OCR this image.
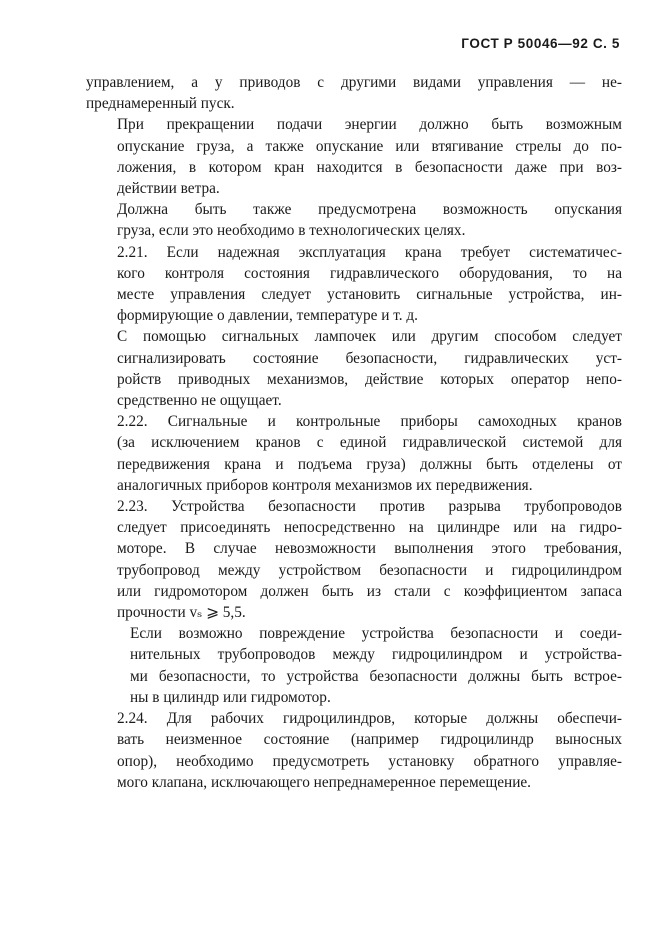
ГОСТ Р 50046—92 С. 5

управлением, а у приводов с другими видами управления — не-
преднамеренный пуск.

При прекращении подачи энергии должно быть возможным
опускание груза, а также опускание или втягивание стрелы до по-
ложения, в котором кран находится в безопасности даже при воз-
действии ветра.

Должна быть также предусмотрена возможность опускания
груза, если это необходимо в технологических целях.

2.21. Если надежная эксплуатация крана требует систематичес-
кого контроля состояния гидравлического оборудования, то на
месте управления следует установить сигнальные устройства, ин-
формирующие о давлении, температуре и т. д.

С помощью сигнальных лампочек или другим способом следует
сигнализировать состояние безопасности, гидравлических уст-
ройств приводных механизмов, действие которых оператор непо-
средственно не ощущает.

2.22. Сигнальные и контрольные приборы самоходных кранов
(за исключением кранов с единой гидравлической системой для
передвижения крана и подъема груза) должны быть отделены от
аналогичных приборов контроля механизмов их передвижения.

2.23. Устройства безопасности против разрыва трубопроводов
следует присоединять непосредственно на цилиндре или на гидро-
моторе. В случае невозможности выполнения этого требования,
трубопровод между устройством безопасности и гидроцилиндром
или гидромотором должен быть из стали с коэффициентом запаса
прочности vₛ ⩾ 5,5.

Если возможно повреждение устройства безопасности и соеди-
нительных трубопроводов между гидроцилиндром и устройства-
ми безопасности, то устройства безопасности должны быть встрое-
ны в цилиндр или гидромотор.

2.24. Для рабочих гидроцилиндров, которые должны обеспечи-
вать неизменное состояние (например гидроцилиндр выносных
опор), необходимо предусмотреть установку обратного управляе-
мого клапана, исключающего непреднамеренное перемещение.
